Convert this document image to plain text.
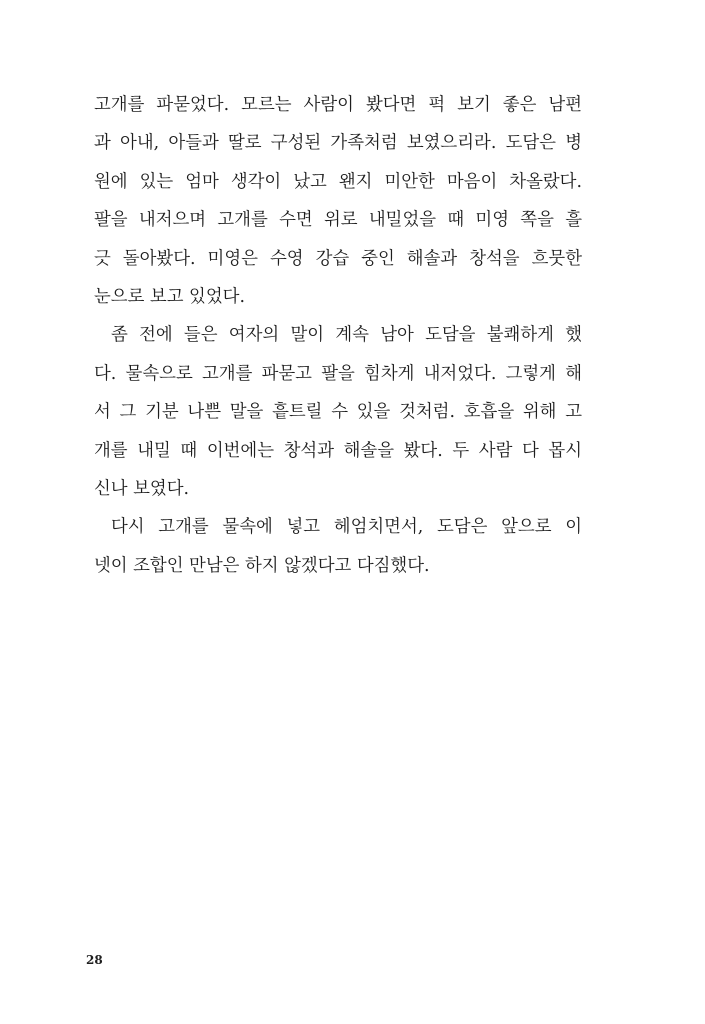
고개를 파묻었다. 모르는 사람이 봤다면 퍽 보기 좋은 남편
과 아내, 아들과 딸로 구성된 가족처럼 보였으리라. 도담은 병
원에 있는 엄마 생각이 났고 왠지 미안한 마음이 차올랐다.
팔을 내저으며 고개를 수면 위로 내밀었을 때 미영 쪽을 흘
긋 돌아봤다. 미영은 수영 강습 중인 해솔과 창석을 흐뭇한
눈으로 보고 있었다.
좀 전에 들은 여자의 말이 계속 남아 도담을 불쾌하게 했
다. 물속으로 고개를 파묻고 팔을 힘차게 내저었다. 그렇게 해
서 그 기분 나쁜 말을 흩트릴 수 있을 것처럼. 호흡을 위해 고
개를 내밀 때 이번에는 창석과 해솔을 봤다. 두 사람 다 몹시
신나 보였다.
다시 고개를 물속에 넣고 헤엄치면서, 도담은 앞으로 이
넷이 조합인 만남은 하지 않겠다고 다짐했다.
28
